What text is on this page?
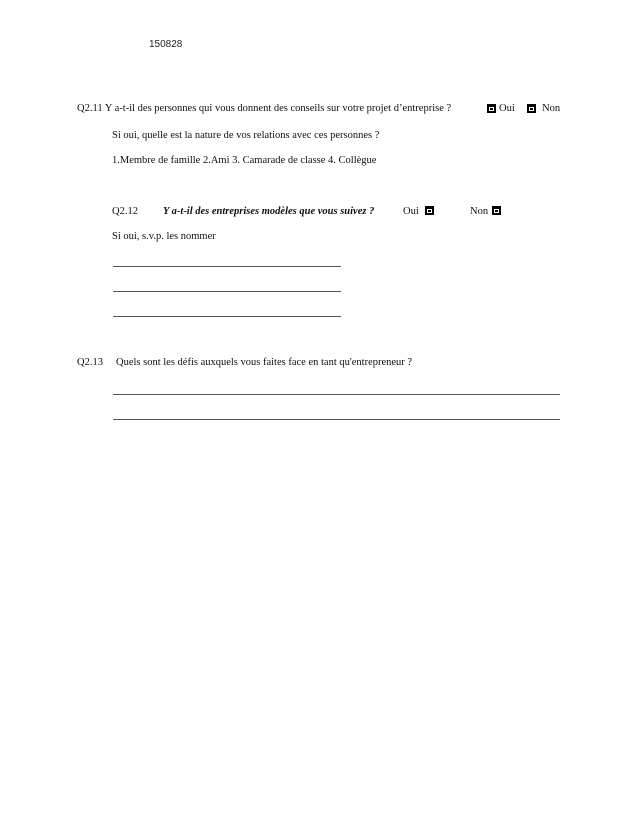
150828
Q2.11 Y a-t-il des personnes qui vous donnent des conseils sur votre projet d’entreprise ?	Oui	Non
Si oui, quelle est la nature de vos relations avec ces personnes ?
1.Membre de famille 2.Ami 3. Camarade de classe 4. Collègue
Q2.12 Y a-t-il des entreprises modèles que vous suivez ?	Oui	Non
Si oui, s.v.p. les nommer
Q2.13 Quels sont les défis auxquels vous faites face en tant qu'entrepreneur ?
